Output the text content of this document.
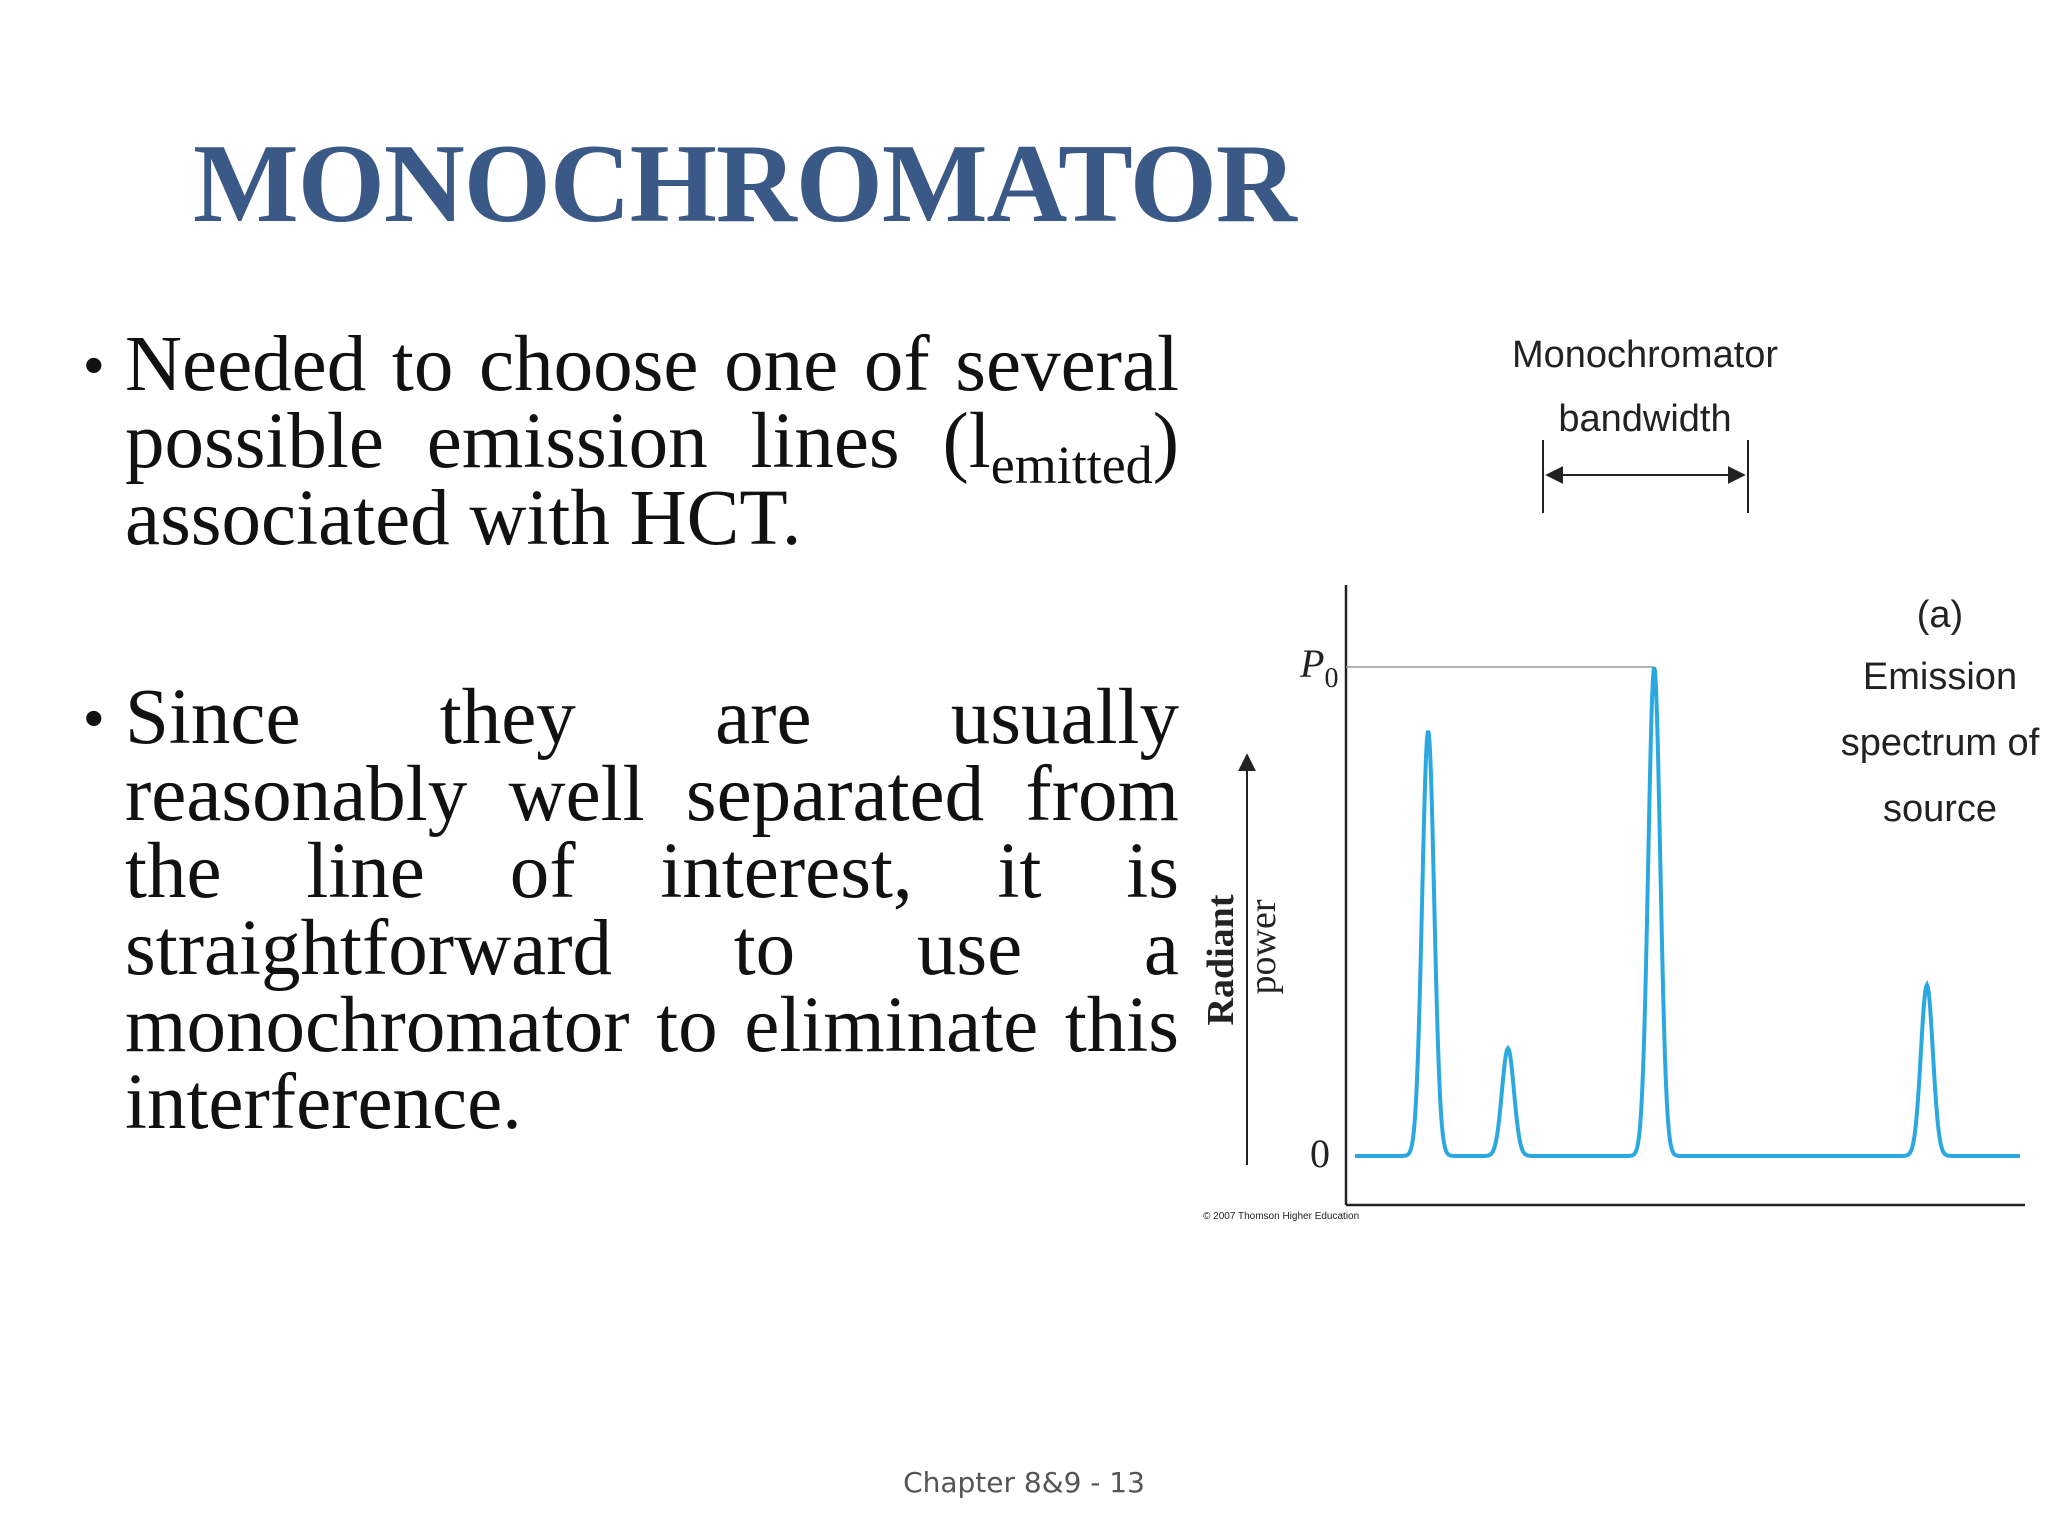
MONOCHROMATOR
• Needed to choose one of several possible emission lines $(l_{emitted})$ associated with HCT.
• Since they are usually reasonably well separated from the line of interest, it is straightforward to use a monochromator to eliminate this interference.
Monochromator
bandwidth
(a)
Emission
spectrum of
source
$P_0$
0
Radiant power
© 2007 Thomson Higher Education
Chapter 8&9 - 13
